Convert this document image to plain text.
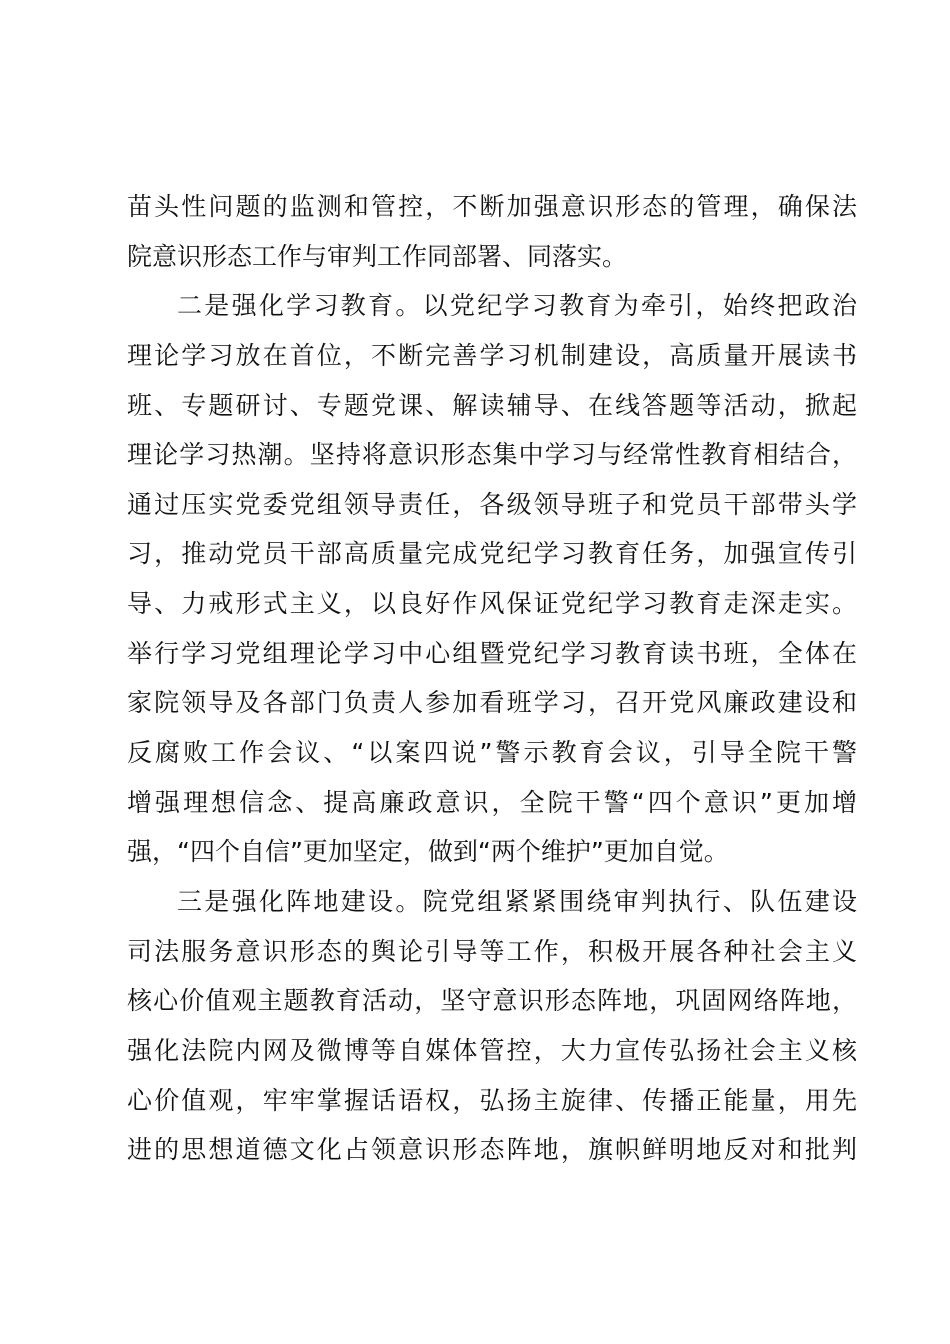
苗头性问题的监测和管控，不断加强意识形态的管理，确保法
院意识形态工作与审判工作同部署、同落实。
二是强化学习教育。以党纪学习教育为牵引，始终把政治
理论学习放在首位，不断完善学习机制建设，高质量开展读书
班、专题研讨、专题党课、解读辅导、在线答题等活动，掀起
理论学习热潮。坚持将意识形态集中学习与经常性教育相结合，
通过压实党委党组领导责任，各级领导班子和党员干部带头学
习，推动党员干部高质量完成党纪学习教育任务，加强宣传引
导、力戒形式主义，以良好作风保证党纪学习教育走深走实。
举行学习党组理论学习中心组暨党纪学习教育读书班，全体在
家院领导及各部门负责人参加看班学习，召开党风廉政建设和
反腐败工作会议、“以案四说”警示教育会议，引导全院干警
增强理想信念、提高廉政意识，全院干警“四个意识”更加增
强，“四个自信”更加坚定，做到“两个维护”更加自觉。
三是强化阵地建设。院党组紧紧围绕审判执行、队伍建设
司法服务意识形态的舆论引导等工作，积极开展各种社会主义
核心价值观主题教育活动，坚守意识形态阵地，巩固网络阵地，
强化法院内网及微博等自媒体管控，大力宣传弘扬社会主义核
心价值观，牢牢掌握话语权，弘扬主旋律、传播正能量，用先
进的思想道德文化占领意识形态阵地，旗帜鲜明地反对和批判
